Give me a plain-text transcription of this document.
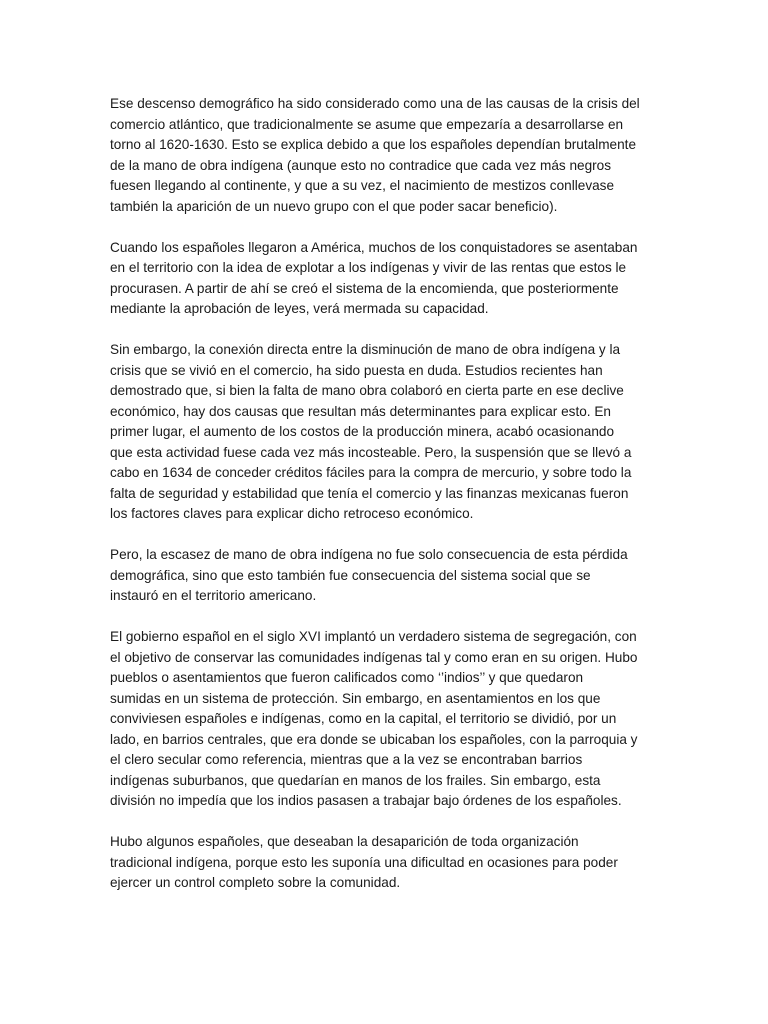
Ese descenso demográfico ha sido considerado como una de las causas de la crisis del
comercio atlántico, que tradicionalmente se asume que empezaría a desarrollarse en
torno al 1620-1630. Esto se explica debido a que los españoles dependían brutalmente
de la mano de obra indígena (aunque esto no contradice que cada vez más negros
fuesen llegando al continente, y que a su vez, el nacimiento de mestizos conllevase
también la aparición de un nuevo grupo con el que poder sacar beneficio).

Cuando los españoles llegaron a América, muchos de los conquistadores se asentaban
en el territorio con la idea de explotar a los indígenas y vivir de las rentas que estos le
procurasen. A partir de ahí se creó el sistema de la encomienda, que posteriormente
mediante la aprobación de leyes, verá mermada su capacidad.

Sin embargo, la conexión directa entre la disminución de mano de obra indígena y la
crisis que se vivió en el comercio, ha sido puesta en duda. Estudios recientes han
demostrado que, si bien la falta de mano obra colaboró en cierta parte en ese declive
económico, hay dos causas que resultan más determinantes para explicar esto. En
primer lugar, el aumento de los costos de la producción minera, acabó ocasionando
que esta actividad fuese cada vez más incosteable. Pero, la suspensión que se llevó a
cabo en 1634 de conceder créditos fáciles para la compra de mercurio, y sobre todo la
falta de seguridad y estabilidad que tenía el comercio y las finanzas mexicanas fueron
los factores claves para explicar dicho retroceso económico.

Pero, la escasez de mano de obra indígena no fue solo consecuencia de esta pérdida
demográfica, sino que esto también fue consecuencia del sistema social que se
instauró en el territorio americano.

El gobierno español en el siglo XVI implantó un verdadero sistema de segregación, con
el objetivo de conservar las comunidades indígenas tal y como eran en su origen. Hubo
pueblos o asentamientos que fueron calificados como ‘’indios’’ y que quedaron
sumidas en un sistema de protección. Sin embargo, en asentamientos en los que
conviviesen españoles e indígenas, como en la capital, el territorio se dividió, por un
lado, en barrios centrales, que era donde se ubicaban los españoles, con la parroquia y
el clero secular como referencia, mientras que a la vez se encontraban barrios
indígenas suburbanos, que quedarían en manos de los frailes. Sin embargo, esta
división no impedía que los indios pasasen a trabajar bajo órdenes de los españoles.

Hubo algunos españoles, que deseaban la desaparición de toda organización
tradicional indígena, porque esto les suponía una dificultad en ocasiones para poder
ejercer un control completo sobre la comunidad.
